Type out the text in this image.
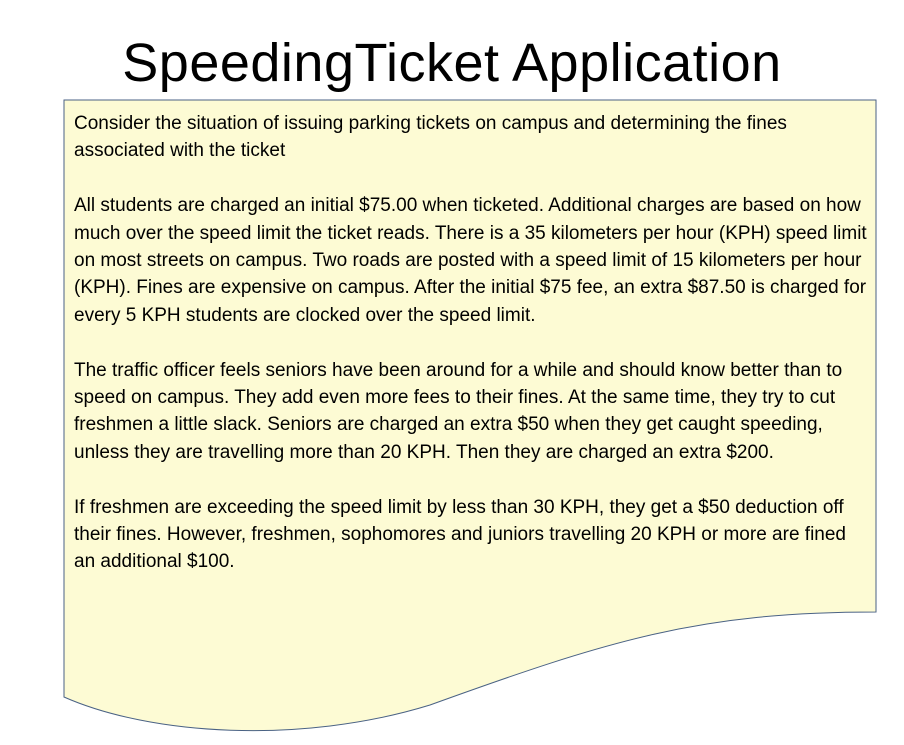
SpeedingTicket Application

Consider the situation of issuing parking tickets on campus and determining the fines associated with the ticket

All students are charged an initial $75.00 when ticketed. Additional charges are based on how much over the speed limit the ticket reads. There is a 35 kilometers per hour (KPH) speed limit on most streets on campus. Two roads are posted with a speed limit of 15 kilometers per hour (KPH). Fines are expensive on campus. After the initial $75 fee, an extra $87.50 is charged for every 5 KPH students are clocked over the speed limit.

The traffic officer feels seniors have been around for a while and should know better than to speed on campus. They add even more fees to their fines. At the same time, they try to cut freshmen a little slack. Seniors are charged an extra $50 when they get caught speeding, unless they are travelling more than 20 KPH. Then they are charged an extra $200.

If freshmen are exceeding the speed limit by less than 30 KPH, they get a $50 deduction off their fines. However, freshmen, sophomores and juniors travelling 20 KPH or more are fined an additional $100.
